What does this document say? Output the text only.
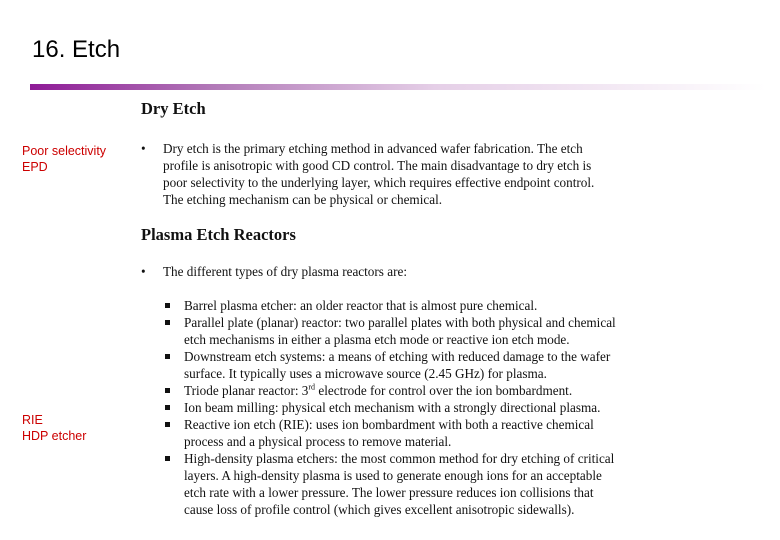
16. Etch
Poor selectivity
EPD
RIE
HDP etcher
Dry Etch
•	Dry etch is the primary etching method in advanced wafer fabrication. The etch
profile is anisotropic with good CD control. The main disadvantage to dry etch is
poor selectivity to the underlying layer, which requires effective endpoint control.
The etching mechanism can be physical or chemical.
Plasma Etch Reactors
•	The different types of dry plasma reactors are:
Barrel plasma etcher: an older reactor that is almost pure chemical.
Parallel plate (planar) reactor: two parallel plates with both physical and chemical
etch mechanisms in either a plasma etch mode or reactive ion etch mode.
Downstream etch systems: a means of etching with reduced damage to the wafer
surface. It typically uses a microwave source (2.45 GHz) for plasma.
Triode planar reactor: 3rd electrode for control over the ion bombardment.
Ion beam milling: physical etch mechanism with a strongly directional plasma.
Reactive ion etch (RIE): uses ion bombardment with both a reactive chemical
process and a physical process to remove material.
High-density plasma etchers: the most common method for dry etching of critical
layers. A high-density plasma is used to generate enough ions for an acceptable
etch rate with a lower pressure. The lower pressure reduces ion collisions that
cause loss of profile control (which gives excellent anisotropic sidewalls).
